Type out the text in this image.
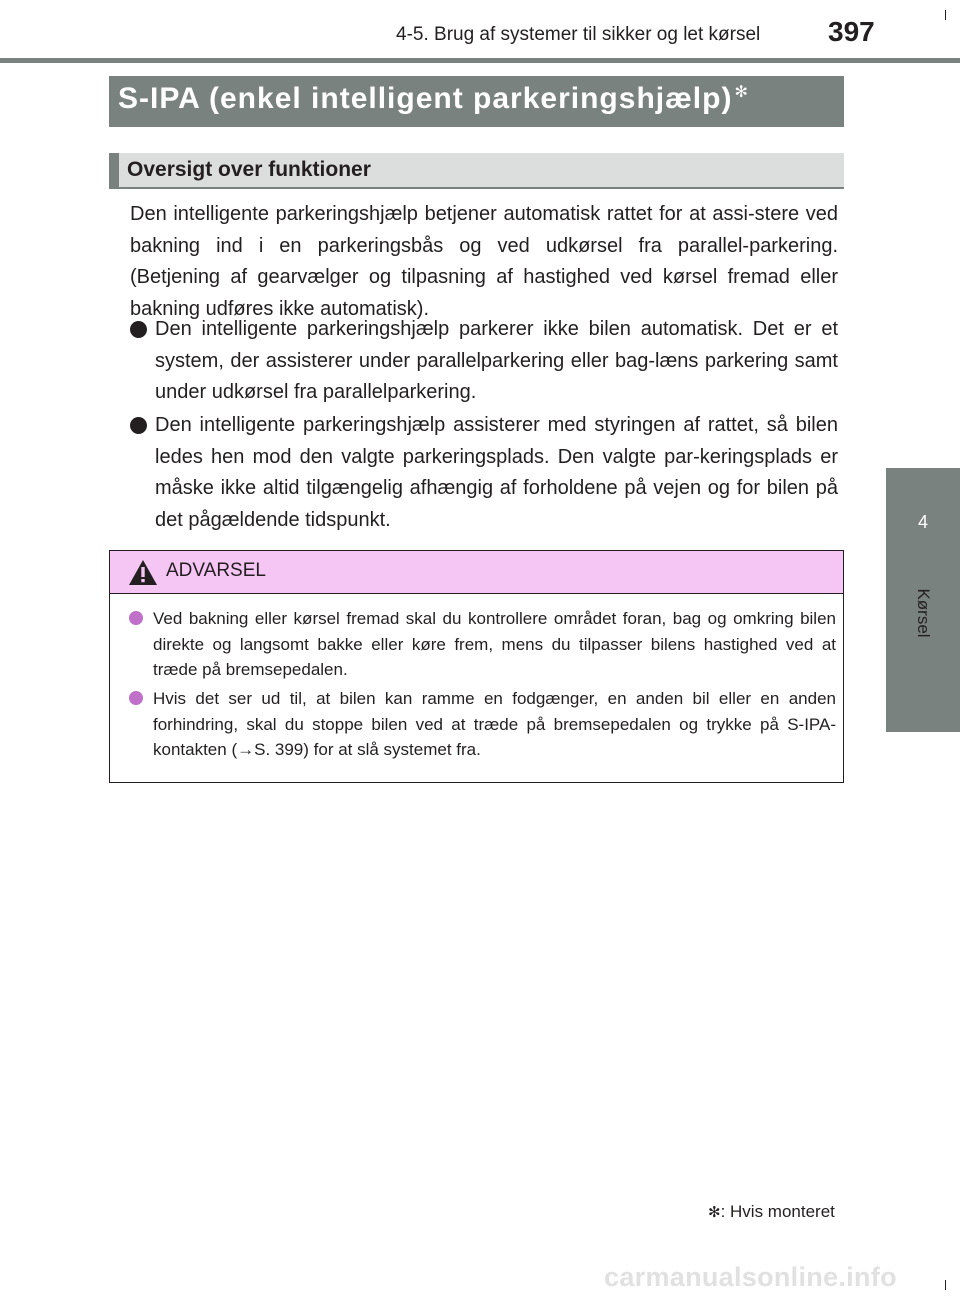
4-5. Brug af systemer til sikker og let kørsel 397
4
Kørsel
S-IPA (enkel intelligent parkeringshjælp) ✻
Oversigt over funktioner
Den intelligente parkeringshjælp betjener automatisk rattet for at assi-stere ved bakning ind i en parkeringsbås og ved udkørsel fra parallel-parkering. (Betjening af gearvælger og tilpasning af hastighed ved kørsel fremad eller bakning udføres ikke automatisk).
Den intelligente parkeringshjælp parkerer ikke bilen automatisk. Det er et system, der assisterer under parallelparkering eller bag-læns parkering samt under udkørsel fra parallelparkering.
Den intelligente parkeringshjælp assisterer med styringen af rattet, så bilen ledes hen mod den valgte parkeringsplads. Den valgte par-keringsplads er måske ikke altid tilgængelig afhængig af forholdene på vejen og for bilen på det pågældende tidspunkt.
ADVARSEL
Ved bakning eller kørsel fremad skal du kontrollere området foran, bag og omkring bilen direkte og langsomt bakke eller køre frem, mens du tilpasser bilens hastighed ved at træde på bremsepedalen.
Hvis det ser ud til, at bilen kan ramme en fodgænger, en anden bil eller en anden forhindring, skal du stoppe bilen ved at træde på bremsepedalen og trykke på S-IPA-kontakten (→S. 399) for at slå systemet fra.
✻: Hvis monteret
carmanualsonline.info
